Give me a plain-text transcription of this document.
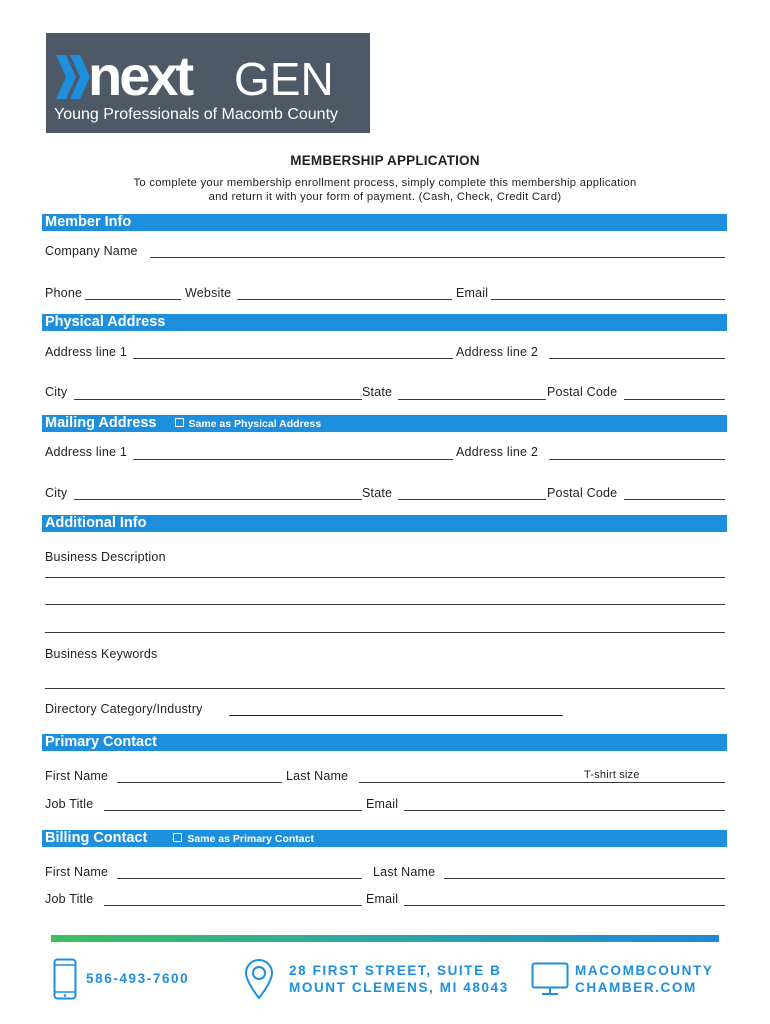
next GEN
Young Professionals of Macomb County
MEMBERSHIP APPLICATION
To complete your membership enrollment process, simply complete this membership application
and return it with your form of payment. (Cash, Check, Credit Card)
Member Info
Company Name
Phone	Website	Email
Physical Address
Address line 1	Address line 2
City	State	Postal Code
Mailing Address	Same as Physical Address
Address line 1	Address line 2
City	State	Postal Code
Additional Info
Business Description
Business Keywords
Directory Category/Industry
Primary Contact
First Name	Last Name	T-shirt size
Job Title	Email
Billing Contact	Same as Primary Contact
First Name	Last Name
Job Title	Email
586-493-7600
28 FIRST STREET, SUITE B
MOUNT CLEMENS, MI 48043
MACOMBCOUNTY
CHAMBER.COM
